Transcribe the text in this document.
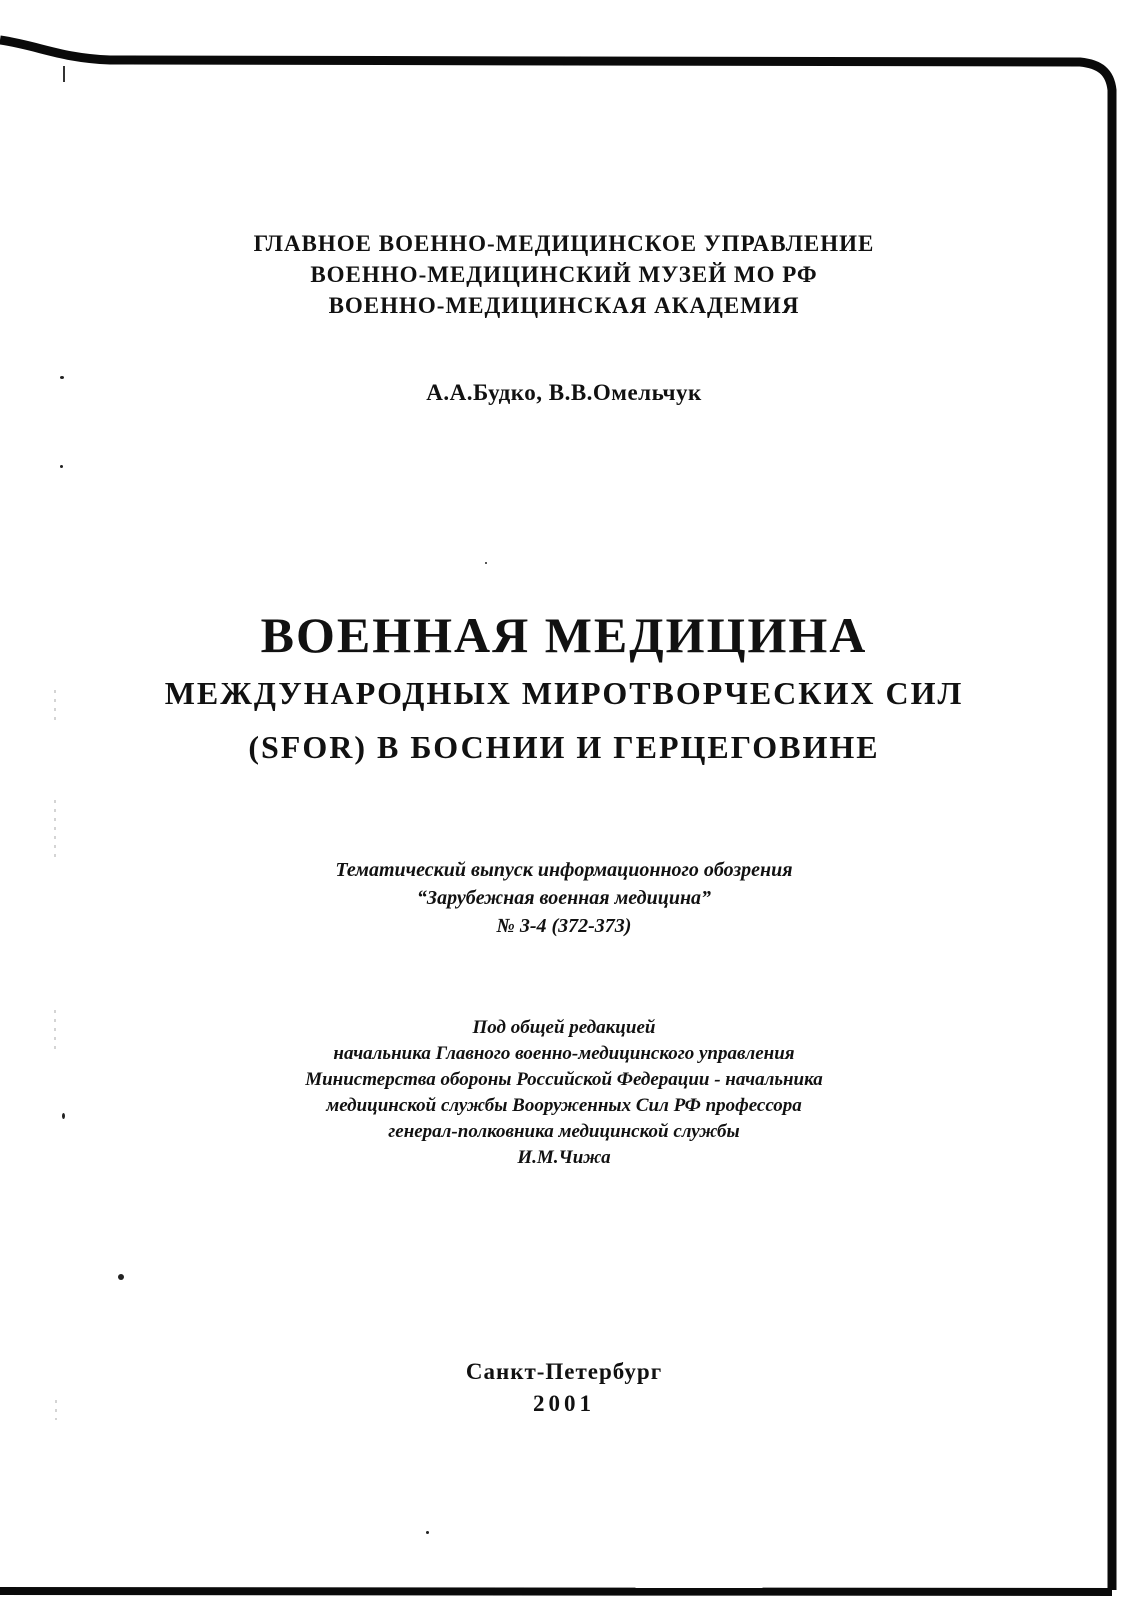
ГЛАВНОЕ ВОЕННО-МЕДИЦИНСКОЕ УПРАВЛЕНИЕ
ВОЕННО-МЕДИЦИНСКИЙ МУЗЕЙ МО РФ
ВОЕННО-МЕДИЦИНСКАЯ АКАДЕМИЯ
А.А.Будко, В.В.Омельчук
ВОЕННАЯ МЕДИЦИНА
МЕЖДУНАРОДНЫХ МИРОТВОРЧЕСКИХ СИЛ
(SFOR) В БОСНИИ И ГЕРЦЕГОВИНЕ
Тематический выпуск информационного обозрения
“Зарубежная военная медицина”
№ 3-4 (372-373)
Под общей редакцией
начальника Главного военно-медицинского управления
Министерства обороны Российской Федерации - начальника
медицинской службы Вооруженных Сил РФ профессора
генерал-полковника медицинской службы
И.М.Чижа
Санкт-Петербург
2001
